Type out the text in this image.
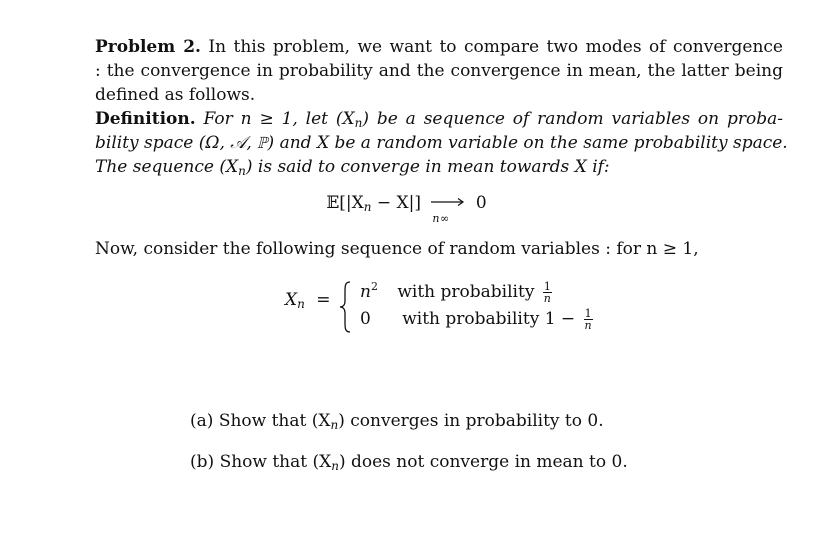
Problem 2. In this problem, we want to compare two modes of convergence
: the convergence in probability and the convergence in mean, the latter being
defined as follows.
Definition. For n ≥ 1, let $(X_n)$ be a sequence of random variables on proba-
bility space (Ω, 𝒜, ℙ) and X be a random variable on the same probability space.
The sequence $(X_n)$ is said to converge in mean towards X if:
$𝔼[|X_n - X|]$
n∞
0
Now, consider the following sequence of random variables : for n ≥ 1,
$X_n = n^2$ with probability $\frac{1}{n}$
0 with probability $1 - \frac{1}{n}$
(a) Show that $(X_n)$ converges in probability to 0.
(b) Show that $(X_n)$ does not converge in mean to 0.
